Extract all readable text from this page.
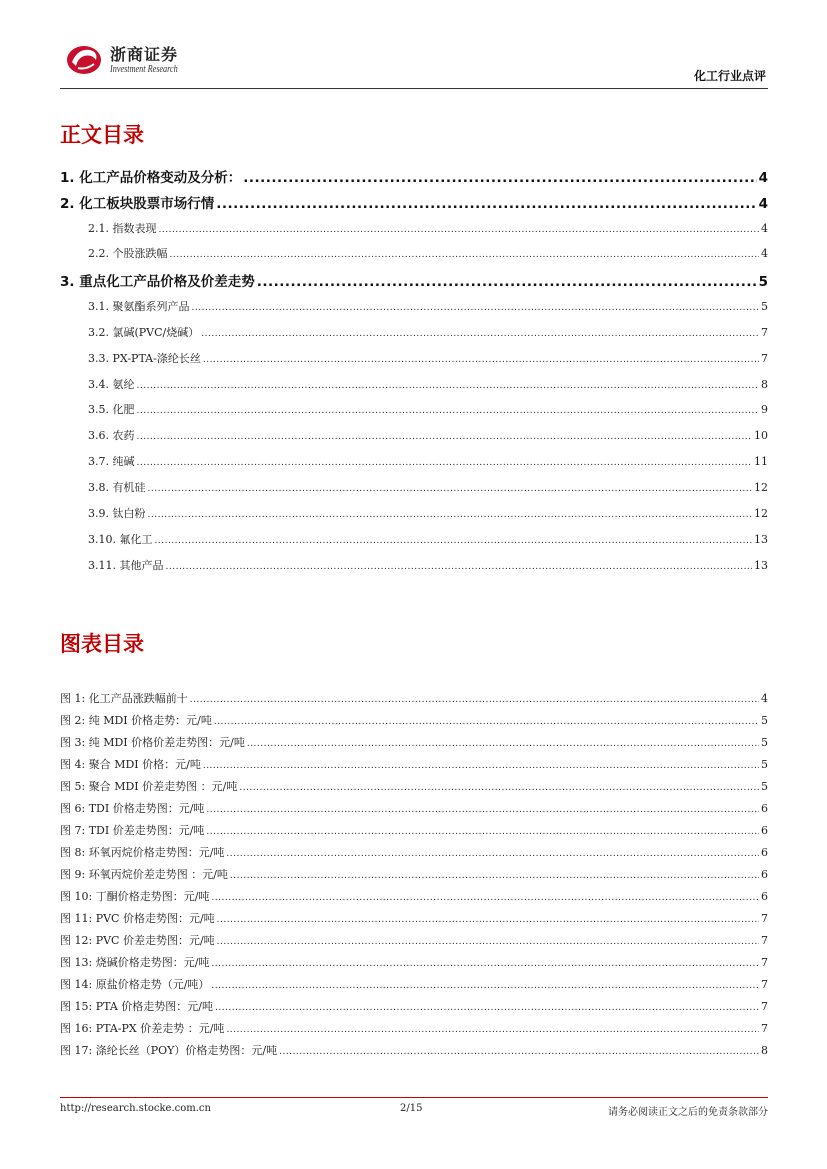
浙商证券
Investment Research	化工行业点评
正文目录
1. 化工产品价格变动及分析： .....	4
2. 化工板块股票市场行情 .....	4
2.1. 指数表现 .....	4
2.2. 个股涨跌幅 .....	4
3. 重点化工产品价格及价差走势 .....	5
3.1. 聚氨酯系列产品 .....	5
3.2. 氯碱(PVC/烧碱） .....	7
3.3. PX-PTA-涤纶长丝 .....	7
3.4. 氨纶 .....	8
3.5. 化肥 .....	9
3.6. 农药 .....	10
3.7. 纯碱 .....	11
3.8. 有机硅 .....	12
3.9. 钛白粉 .....	12
3.10. 氟化工 .....	13
3.11. 其他产品 .....	13
图表目录
图 1: 化工产品涨跌幅前十 .....	4
图 2: 纯 MDI 价格走势：元/吨 .....	5
图 3: 纯 MDI 价格价差走势图：元/吨 .....	5
图 4: 聚合 MDI 价格：元/吨 .....	5
图 5: 聚合 MDI 价差走势图 ：元/吨 .....	5
图 6: TDI 价格走势图：元/吨 .....	6
图 7: TDI 价差走势图：元/吨 .....	6
图 8: 环氧丙烷价格走势图：元/吨 .....	6
图 9: 环氧丙烷价差走势图 ：元/吨 .....	6
图 10: 丁酮价格走势图：元/吨 .....	6
图 11: PVC 价格走势图：元/吨 .....	7
图 12: PVC 价差走势图：元/吨 .....	7
图 13: 烧碱价格走势图：元/吨 .....	7
图 14: 原盐价格走势（元/吨） .....	7
图 15: PTA 价格走势图：元/吨 .....	7
图 16: PTA-PX 价差走势 ：元/吨 .....	7
图 17: 涤纶长丝（POY）价格走势图：元/吨 .....	8
http://research.stocke.com.cn	2/15	请务必阅读正文之后的免责条款部分
